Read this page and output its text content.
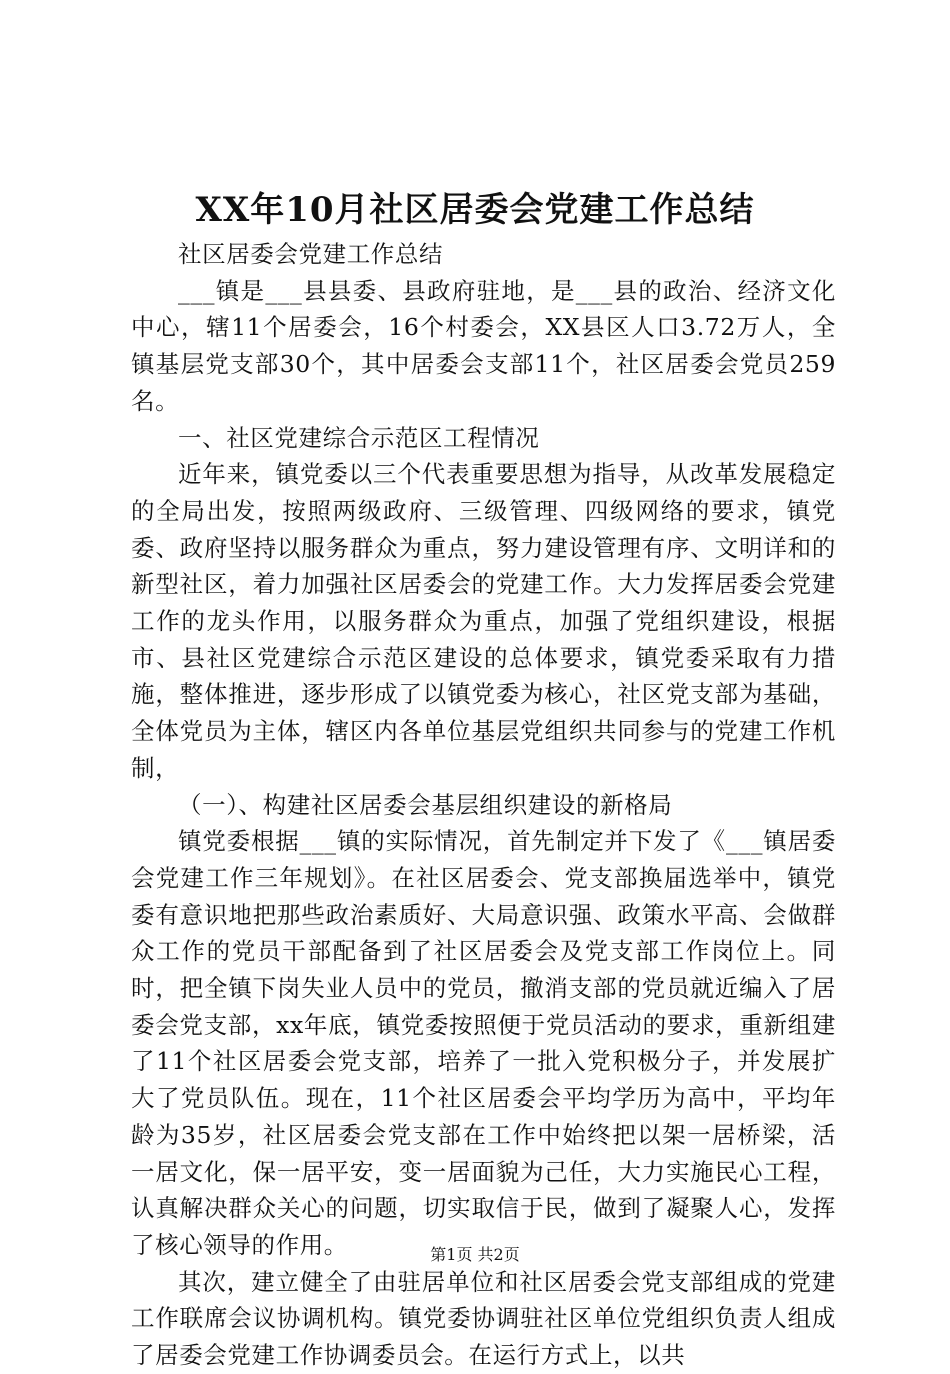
XX年10月社区居委会党建工作总结

社区居委会党建工作总结

___镇是___县县委、县政府驻地，是___县的政治、经济文化中心，辖11个居委会，16个村委会，XX县区人口3.72万人，全镇基层党支部30个，其中居委会支部11个，社区居委会党员259名。

一、社区党建综合示范区工程情况

近年来，镇党委以三个代表重要思想为指导，从改革发展稳定的全局出发，按照两级政府、三级管理、四级网络的要求，镇党委、政府坚持以服务群众为重点，努力建设管理有序、文明详和的新型社区，着力加强社区居委会的党建工作。大力发挥居委会党建工作的龙头作用，以服务群众为重点，加强了党组织建设，根据市、县社区党建综合示范区建设的总体要求，镇党委采取有力措施，整体推进，逐步形成了以镇党委为核心，社区党支部为基础，全体党员为主体，辖区内各单位基层党组织共同参与的党建工作机制，

（一）、构建社区居委会基层组织建设的新格局

镇党委根据___镇的实际情况，首先制定并下发了《___镇居委会党建工作三年规划》。在社区居委会、党支部换届选举中，镇党委有意识地把那些政治素质好、大局意识强、政策水平高、会做群众工作的党员干部配备到了社区居委会及党支部工作岗位上。同时，把全镇下岗失业人员中的党员，撤消支部的党员就近编入了居委会党支部，xx年底，镇党委按照便于党员活动的要求，重新组建了11个社区居委会党支部，培养了一批入党积极分子，并发展扩大了党员队伍。现在，11个社区居委会平均学历为高中，平均年龄为35岁，社区居委会党支部在工作中始终把以架一居桥梁，活一居文化，保一居平安，变一居面貌为己任，大力实施民心工程，认真解决群众关心的问题，切实取信于民，做到了凝聚人心，发挥了核心领导的作用。

其次，建立健全了由驻居单位和社区居委会党支部组成的党建工作联席会议协调机构。镇党委协调驻社区单位党组织负责人组成了居委会党建工作协调委员会。在运行方式上，以共

第1页 共2页
